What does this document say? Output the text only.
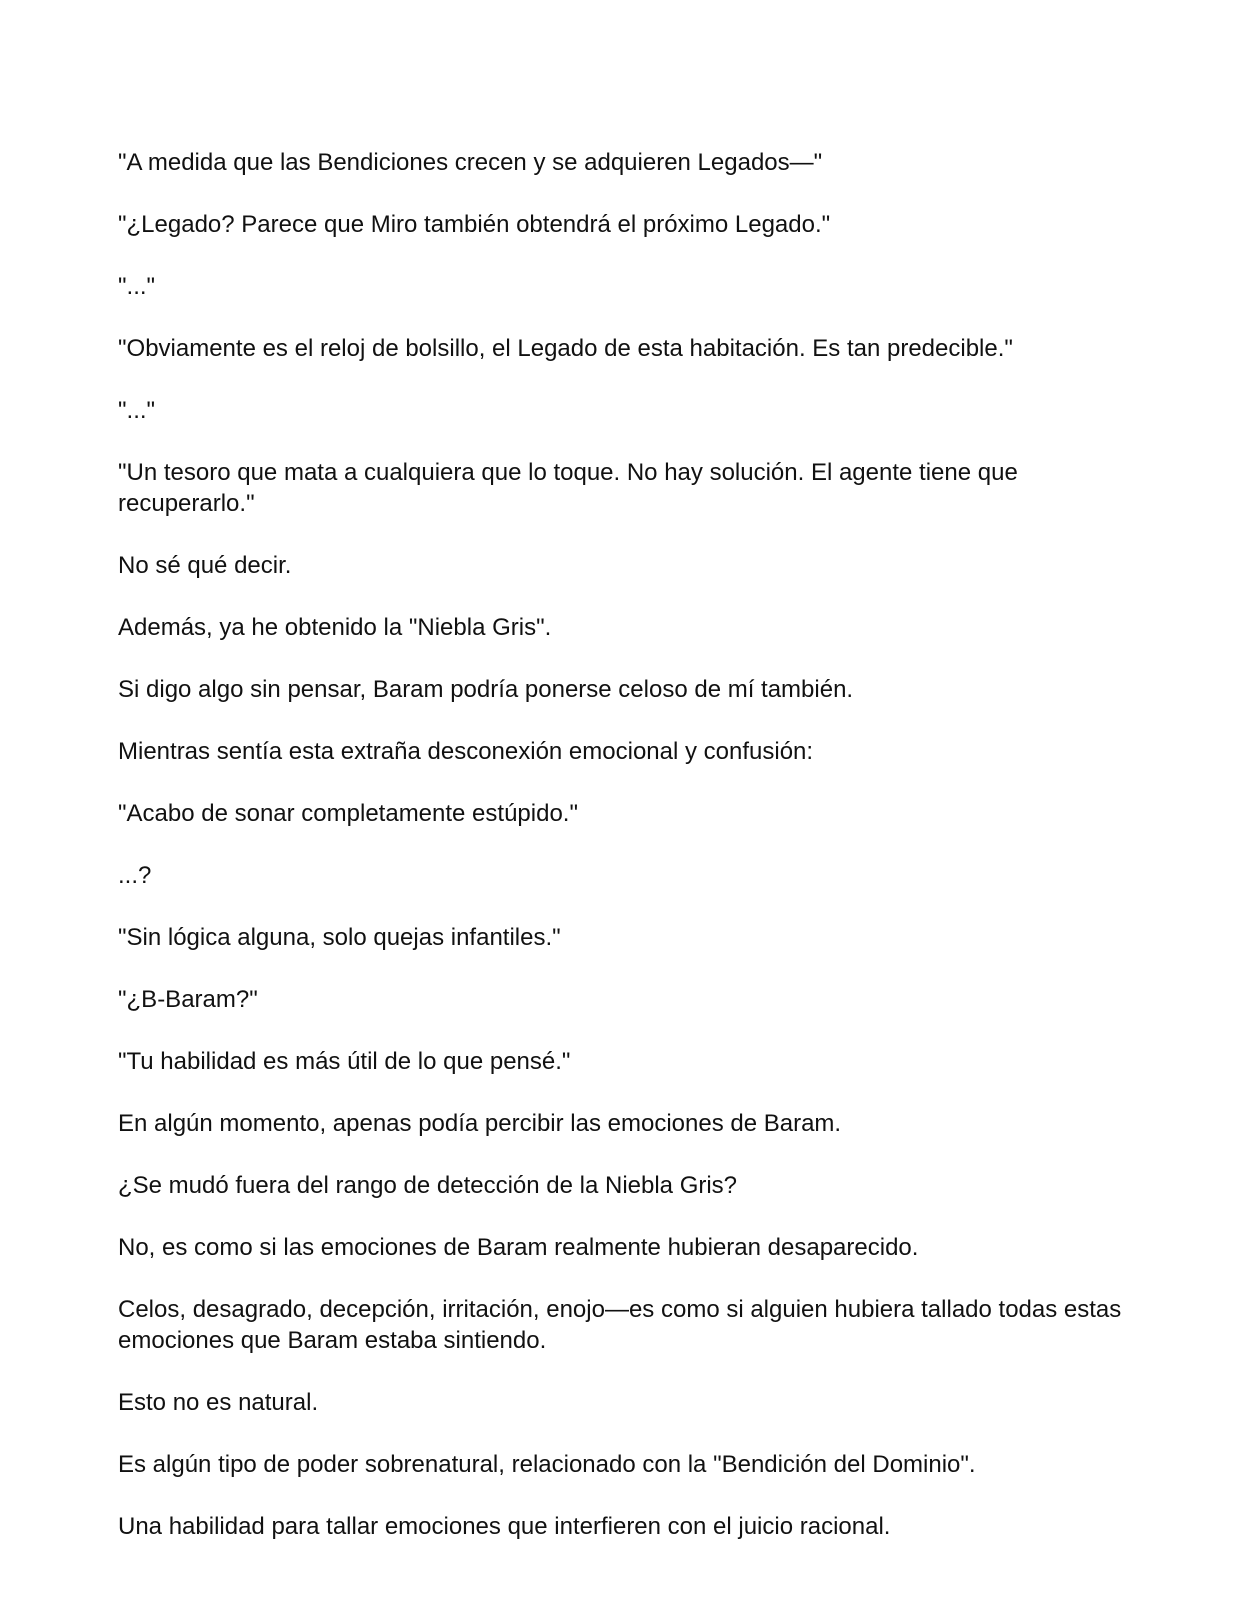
"A medida que las Bendiciones crecen y se adquieren Legados—"

"¿Legado? Parece que Miro también obtendrá el próximo Legado."

"..."

"Obviamente es el reloj de bolsillo, el Legado de esta habitación. Es tan predecible."

"..."

"Un tesoro que mata a cualquiera que lo toque. No hay solución. El agente tiene que recuperarlo."

No sé qué decir.

Además, ya he obtenido la "Niebla Gris".

Si digo algo sin pensar, Baram podría ponerse celoso de mí también.

Mientras sentía esta extraña desconexión emocional y confusión:

"Acabo de sonar completamente estúpido."

...?

"Sin lógica alguna, solo quejas infantiles."

"¿B-Baram?"

"Tu habilidad es más útil de lo que pensé."

En algún momento, apenas podía percibir las emociones de Baram.

¿Se mudó fuera del rango de detección de la Niebla Gris?

No, es como si las emociones de Baram realmente hubieran desaparecido.

Celos, desagrado, decepción, irritación, enojo—es como si alguien hubiera tallado todas estas emociones que Baram estaba sintiendo.

Esto no es natural.

Es algún tipo de poder sobrenatural, relacionado con la "Bendición del Dominio".

Una habilidad para tallar emociones que interfieren con el juicio racional.
